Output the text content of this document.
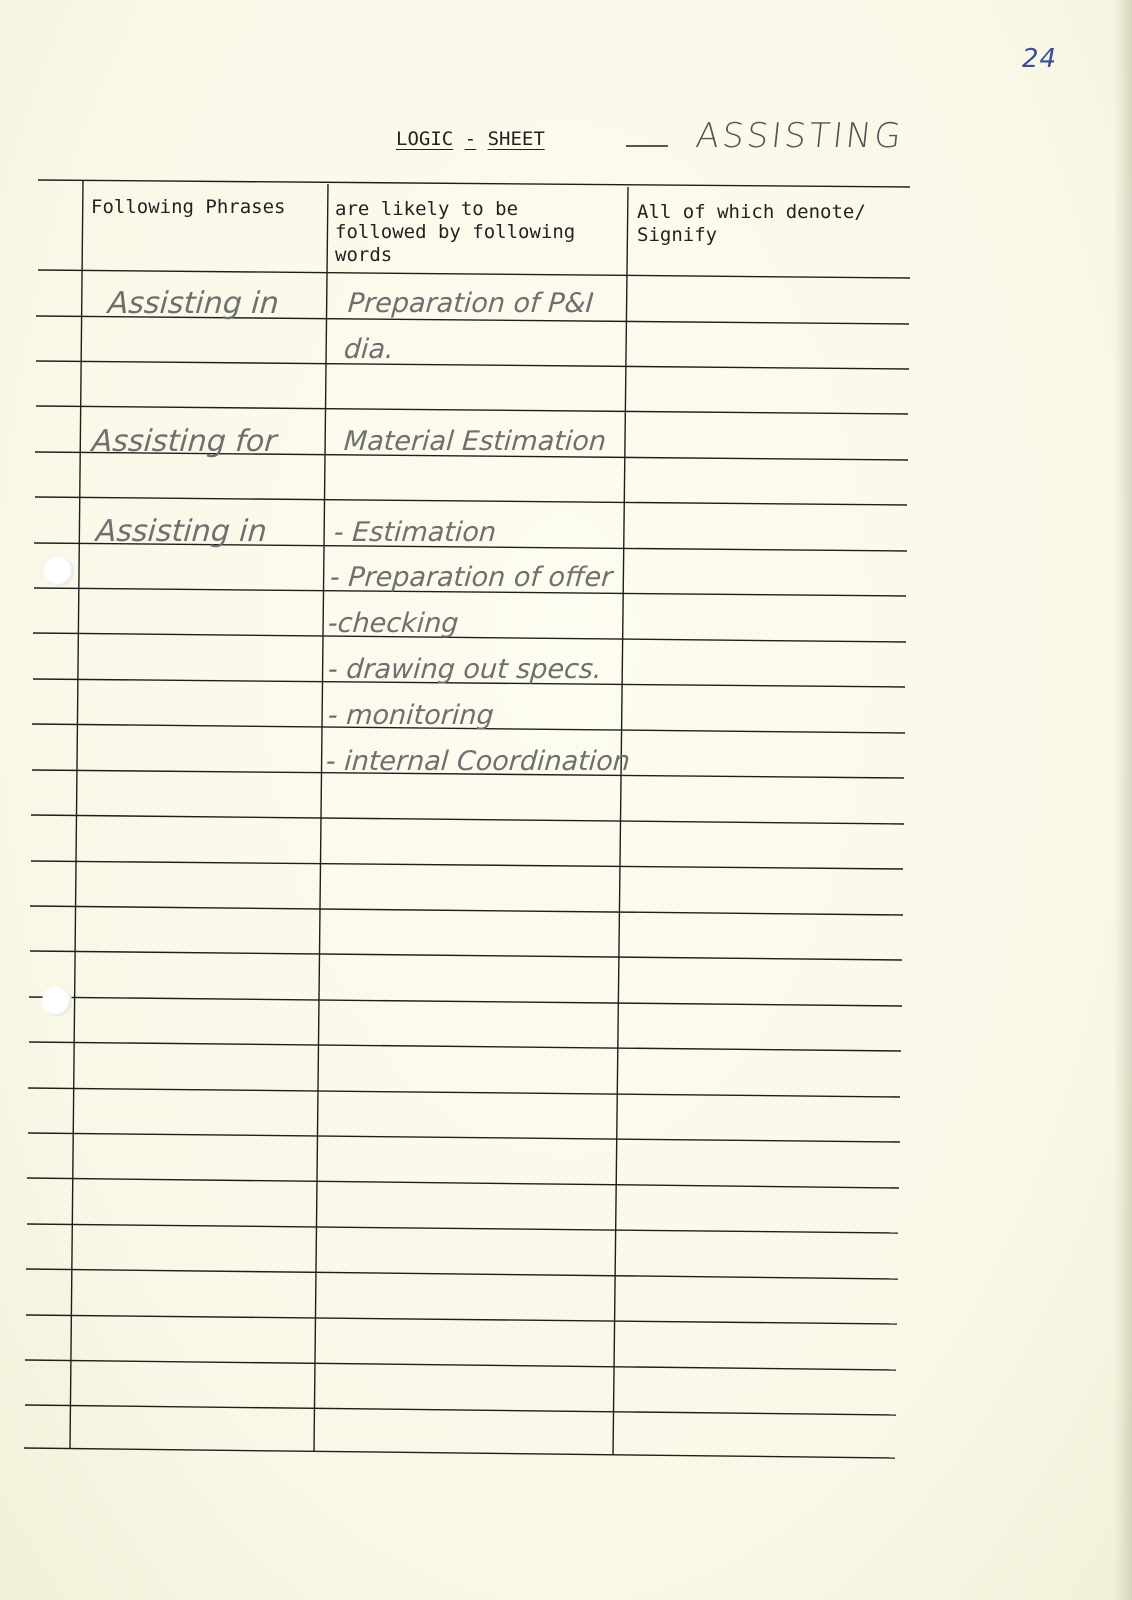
24
LOGIC - SHEET	ASSISTING
Following Phrases	are likely to be
followed by following
words
All of which denote/
Signify
Assisting in Preparation of P&I
dia.
Assisting for Material Estimation
Assisting in - Estimation
- Preparation of offer
-checking
- drawing out specs.
- monitoring
- internal Coordination
